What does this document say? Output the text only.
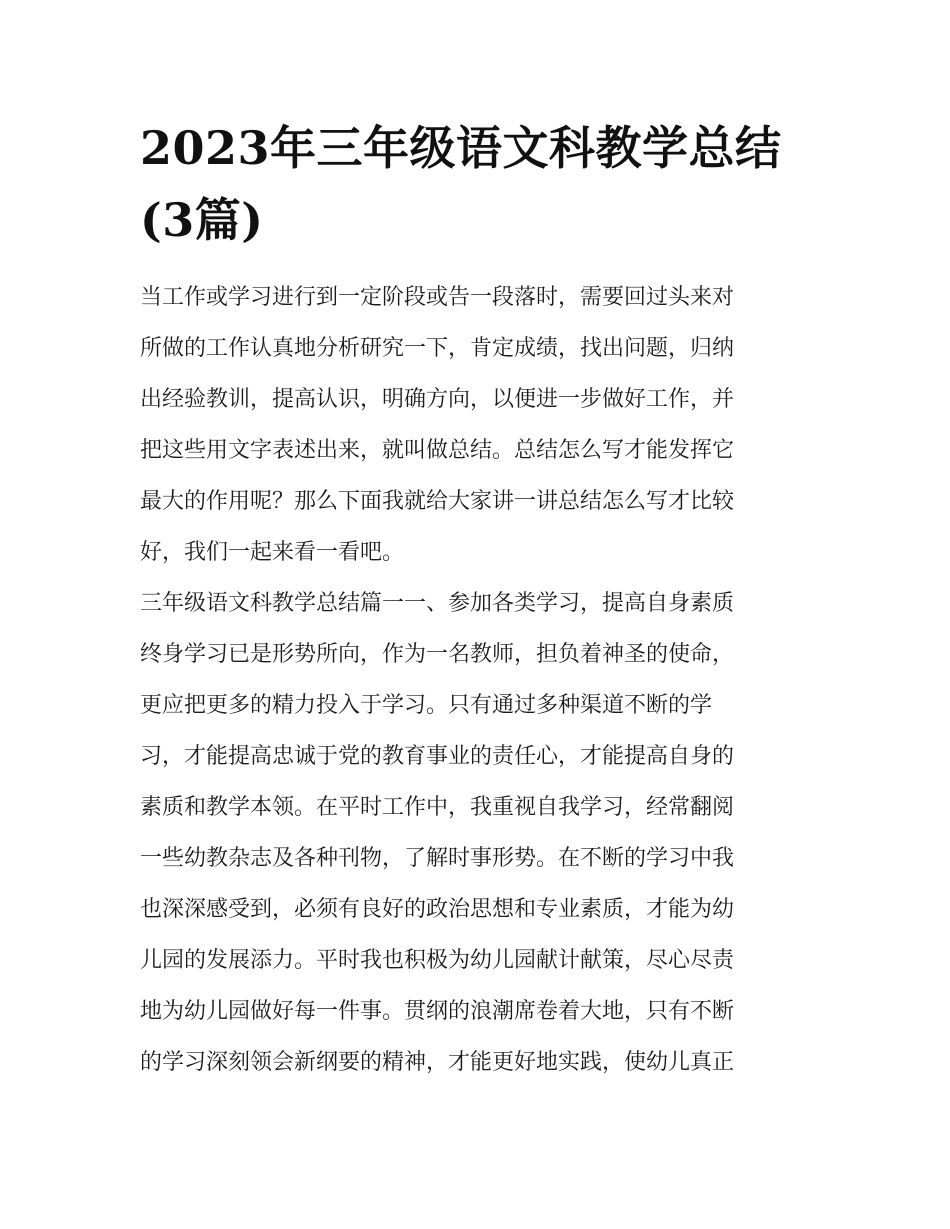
2023年三年级语文科教学总结
(3篇)
当工作或学习进行到一定阶段或告一段落时，需要回过头来对
所做的工作认真地分析研究一下，肯定成绩，找出问题，归纳
出经验教训，提高认识，明确方向，以便进一步做好工作，并
把这些用文字表述出来，就叫做总结。总结怎么写才能发挥它
最大的作用呢？那么下面我就给大家讲一讲总结怎么写才比较
好，我们一起来看一看吧。
三年级语文科教学总结篇一一、参加各类学习，提高自身素质
终身学习已是形势所向，作为一名教师，担负着神圣的使命，
更应把更多的精力投入于学习。只有通过多种渠道不断的学
习，才能提高忠诚于党的教育事业的责任心，才能提高自身的
素质和教学本领。在平时工作中，我重视自我学习，经常翻阅
一些幼教杂志及各种刊物，了解时事形势。在不断的学习中我
也深深感受到，必须有良好的政治思想和专业素质，才能为幼
儿园的发展添力。平时我也积极为幼儿园献计献策，尽心尽责
地为幼儿园做好每一件事。贯纲的浪潮席卷着大地，只有不断
的学习深刻领会新纲要的精神，才能更好地实践，使幼儿真正
